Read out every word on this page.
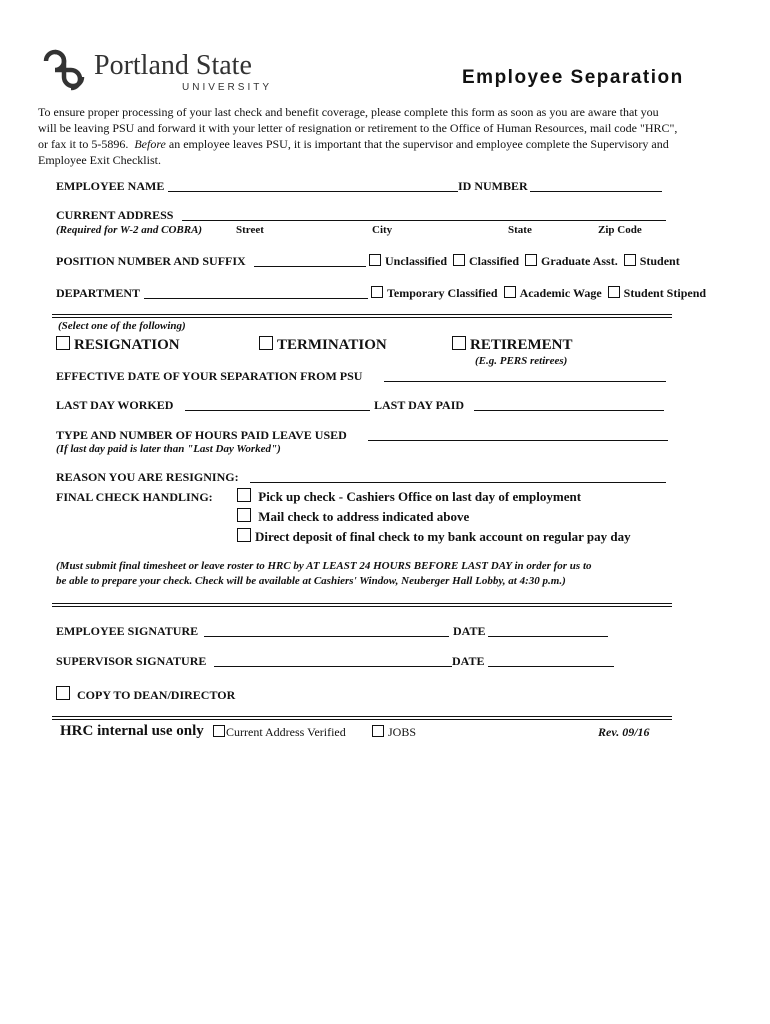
Portland State
UNIVERSITY	Employee Separation
To ensure proper processing of your last check and benefit coverage, please complete this form as soon as you are aware that you
will be leaving PSU and forward it with your letter of resignation or retirement to the Office of Human Resources, mail code "HRC",
or fax it to 5-5896. Before an employee leaves PSU, it is important that the supervisor and employee complete the Supervisory and
Employee Exit Checklist.
EMPLOYEE NAME	ID NUMBER
CURRENT ADDRESS
(Required for W-2 and COBRA)	Street	City	State	Zip Code
POSITION NUMBER AND SUFFIX	Unclassified Classified Graduate Asst. Student
DEPARTMENT	Temporary Classified Academic Wage Student Stipend
(Select one of the following)
RESIGNATION	TERMINATION	RETIREMENT
(E.g. PERS retirees)
EFFECTIVE DATE OF YOUR SEPARATION FROM PSU
LAST DAY WORKED	LAST DAY PAID
TYPE AND NUMBER OF HOURS PAID LEAVE USED
(If last day paid is later than "Last Day Worked")
REASON YOU ARE RESIGNING:
FINAL CHECK HANDLING:	Pick up check - Cashiers Office on last day of employment
Mail check to address indicated above
Direct deposit of final check to my bank account on regular pay day
(Must submit final timesheet or leave roster to HRC by AT LEAST 24 HOURS BEFORE LAST DAY in order for us to
be able to prepare your check. Check will be available at Cashiers' Window, Neuberger Hall Lobby, at 4:30 p.m.)
EMPLOYEE SIGNATURE	DATE
SUPERVISOR SIGNATURE	DATE
COPY TO DEAN/DIRECTOR
HRC internal use only	Current Address Verified	JOBS	Rev. 09/16
